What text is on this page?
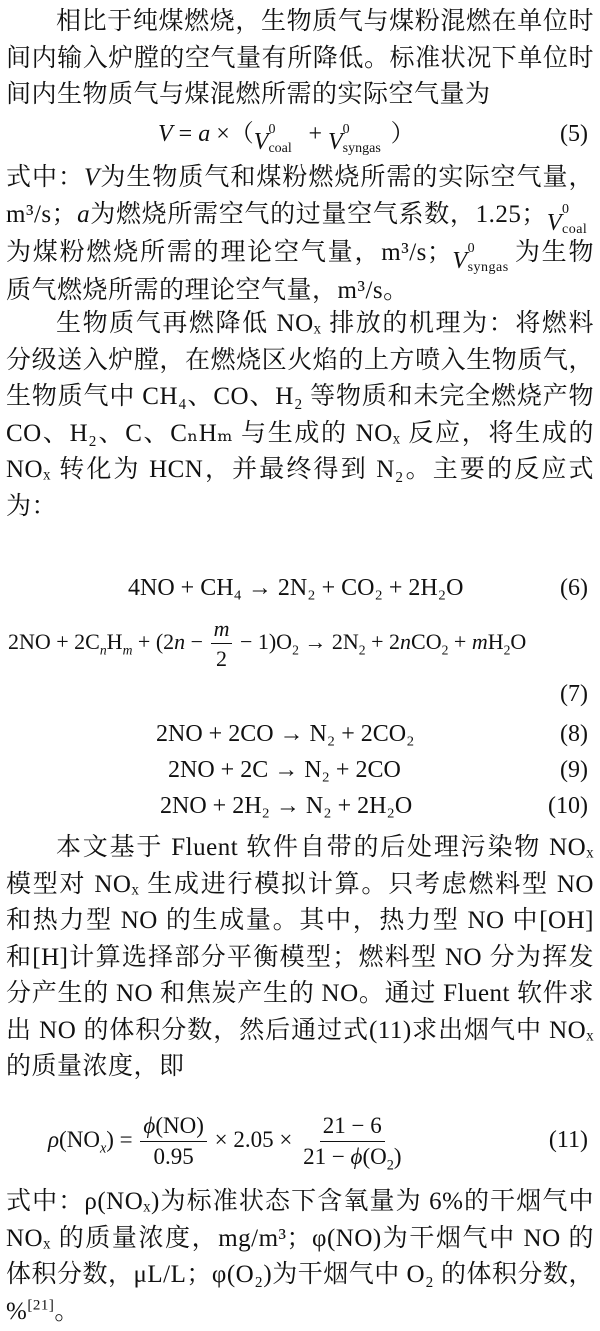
相比于纯煤燃烧，生物质气与煤粉混燃在单位时间内输入炉膛的空气量有所降低。标准状况下单位时间内生物质气与煤混燃所需的实际空气量为

V = a ×（V
0
coal
+ V
0
syngas
）	(5)

式中：V为生物质气和煤粉燃烧所需的实际空气量，m³/s；a为燃烧所需空气的过量空气系数，1.25；V
0
coal
为煤粉燃烧所需的理论空气量，m³/s；V
0
syngas
为生物质气燃烧所需的理论空气量，m³/s。

生物质气再燃降低 NOₓ 排放的机理为：将燃料分级送入炉膛，在燃烧区火焰的上方喷入生物质气，生物质气中 CH₄、CO、H₂ 等物质和未完全燃烧产物 CO、H₂、C、CₙHₘ 与生成的 NOₓ 反应，将生成的 NOₓ 转化为 HCN，并最终得到 N₂。主要的反应式为：

4NO + CH₄ → 2N₂ + CO₂ + 2H₂O	(6)
$2NO + 2C_nH_m + (2n - \frac{m}{2} - 1)O_2 \to 2N_2 + 2nCO_2 + mH_2O$
(7)
2NO + 2CO → N₂ + 2CO₂	(8)
2NO + 2C → N₂ + 2CO	(9)
2NO + 2H₂ → N₂ + 2H₂O	(10)

本文基于 Fluent 软件自带的后处理污染物 NOₓ 模型对 NOₓ 生成进行模拟计算。只考虑燃料型 NO 和热力型 NO 的生成量。其中，热力型 NO 中[OH]和[H]计算选择部分平衡模型；燃料型 NO 分为挥发分产生的 NO 和焦炭产生的 NO。通过 Fluent 软件求出 NO 的体积分数，然后通过式(11)求出烟气中 NOₓ 的质量浓度，即

$\rho(NO_x) = \frac{\phi(NO)}{0.95} \times 2.05 \times \frac{21 - 6}{21 - \phi(O_2)}$	(11)

式中：ρ(NOₓ)为标准状态下含氧量为 6%的干烟气中 NOₓ 的质量浓度，mg/m³；φ(NO)为干烟气中 NO 的体积分数，μL/L；φ(O₂)为干烟气中 O₂ 的体积分数，%[21]。
